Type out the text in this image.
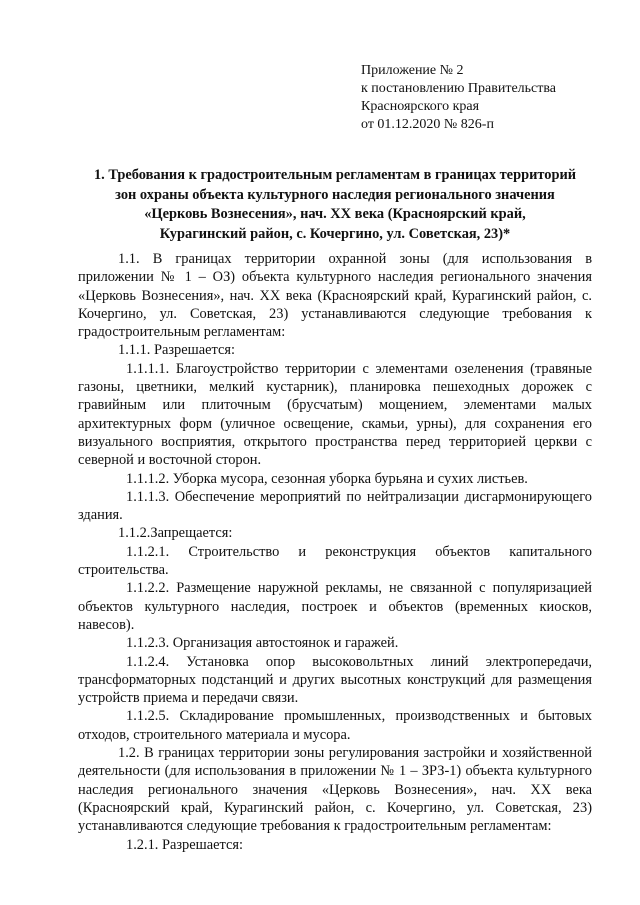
Приложение № 2
к постановлению Правительства
Красноярского края
от 01.12.2020 № 826-п
1. Требования к градостроительным регламентам в границах территорий
зон охраны объекта культурного наследия регионального значения
«Церковь Вознесения», нач. XX века (Красноярский край,
Курагинский район, с. Кочергино, ул. Советская, 23)*

1.1. В границах территории охранной зоны (для использования в приложении № 1 – ОЗ) объекта культурного наследия регионального значения «Церковь Вознесения», нач. XX века (Красноярский край, Курагинский район, с. Кочергино, ул. Советская, 23) устанавливаются следующие требования к градостроительным регламентам:

1.1.1. Разрешается:

1.1.1.1. Благоустройство территории с элементами озеленения (травяные газоны, цветники, мелкий кустарник), планировка пешеходных дорожек с гравийным или плиточным (брусчатым) мощением, элементами малых архитектурных форм (уличное освещение, скамьи, урны), для сохранения его визуального восприятия, открытого пространства перед территорией церкви с северной и восточной сторон.

1.1.1.2. Уборка мусора, сезонная уборка бурьяна и сухих листьев.

1.1.1.3. Обеспечение мероприятий по нейтрализации дисгармонирующего здания.

1.1.2.Запрещается:

1.1.2.1. Строительство и реконструкция объектов капитального строительства.

1.1.2.2. Размещение наружной рекламы, не связанной с популяризацией объектов культурного наследия, построек и объектов (временных киосков, навесов).

1.1.2.3. Организация автостоянок и гаражей.

1.1.2.4. Установка опор высоковольтных линий электропередачи, трансформаторных подстанций и других высотных конструкций для размещения устройств приема и передачи связи.

1.1.2.5. Складирование промышленных, производственных и бытовых отходов, строительного материала и мусора.

1.2. В границах территории зоны регулирования застройки и хозяйственной деятельности (для использования в приложении № 1 – ЗРЗ-1) объекта культурного наследия регионального значения «Церковь Вознесения», нач. XX века (Красноярский край, Курагинский район, с. Кочергино, ул. Советская, 23) устанавливаются следующие требования к градостроительным регламентам:

1.2.1. Разрешается:
